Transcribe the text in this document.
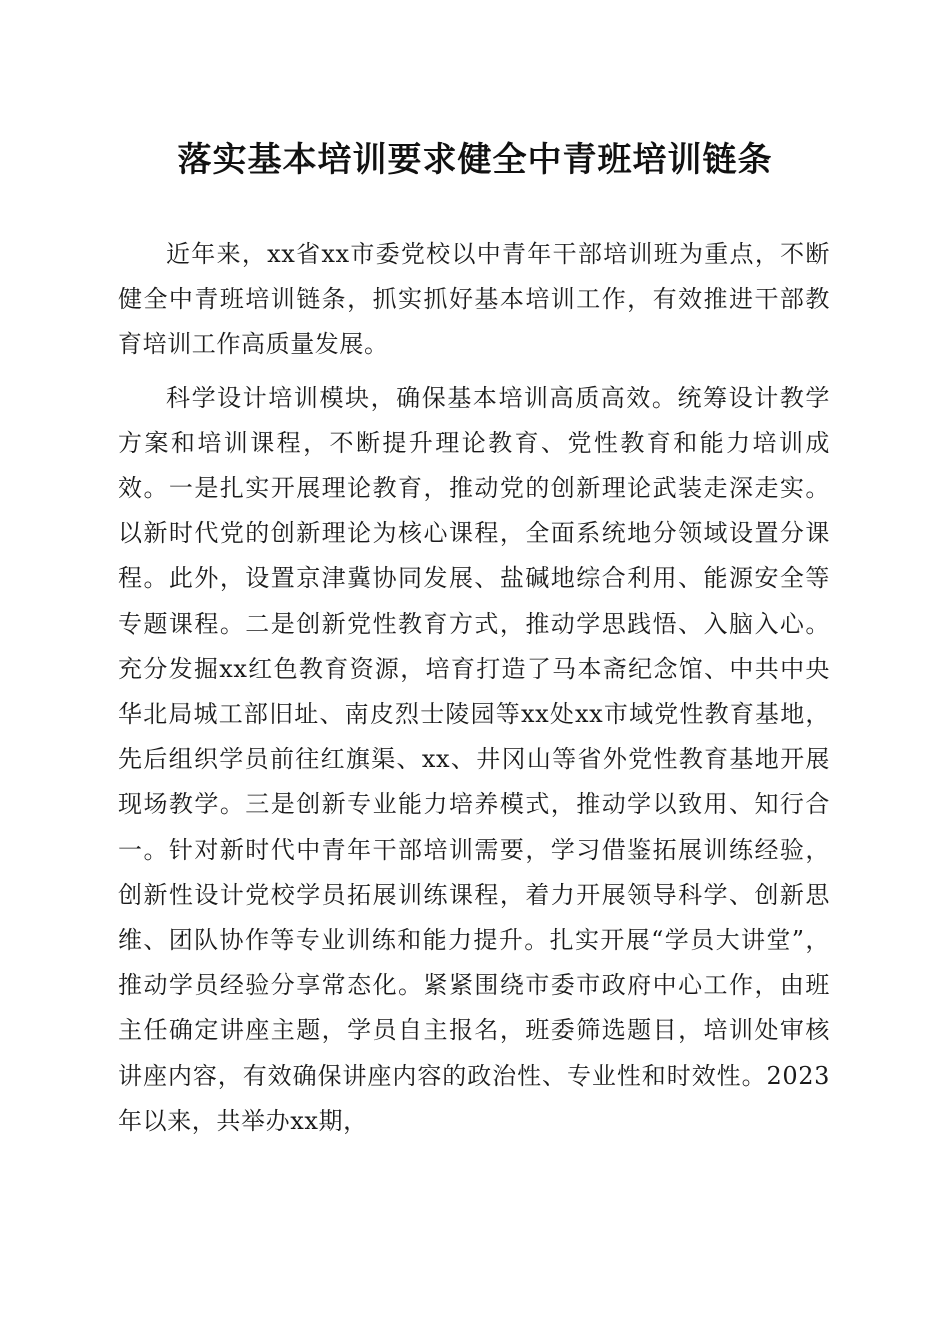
落实基本培训要求健全中青班培训链条

近年来，xx省xx市委党校以中青年干部培训班为重点，不断健全中青班培训链条，抓实抓好基本培训工作，有效推进干部教育培训工作高质量发展。

科学设计培训模块，确保基本培训高质高效。统筹设计教学方案和培训课程，不断提升理论教育、党性教育和能力培训成效。一是扎实开展理论教育，推动党的创新理论武装走深走实。以新时代党的创新理论为核心课程，全面系统地分领域设置分课程。此外，设置京津冀协同发展、盐碱地综合利用、能源安全等专题课程。二是创新党性教育方式，推动学思践悟、入脑入心。充分发掘xx红色教育资源，培育打造了马本斋纪念馆、中共中央华北局城工部旧址、南皮烈士陵园等xx处xx市域党性教育基地，先后组织学员前往红旗渠、xx、井冈山等省外党性教育基地开展现场教学。三是创新专业能力培养模式，推动学以致用、知行合一。针对新时代中青年干部培训需要，学习借鉴拓展训练经验，创新性设计党校学员拓展训练课程，着力开展领导科学、创新思维、团队协作等专业训练和能力提升。扎实开展“学员大讲堂”，推动学员经验分享常态化。紧紧围绕市委市政府中心工作，由班主任确定讲座主题，学员自主报名，班委筛选题目，培训处审核讲座内容，有效确保讲座内容的政治性、专业性和时效性。2023年以来，共举办xx期，
